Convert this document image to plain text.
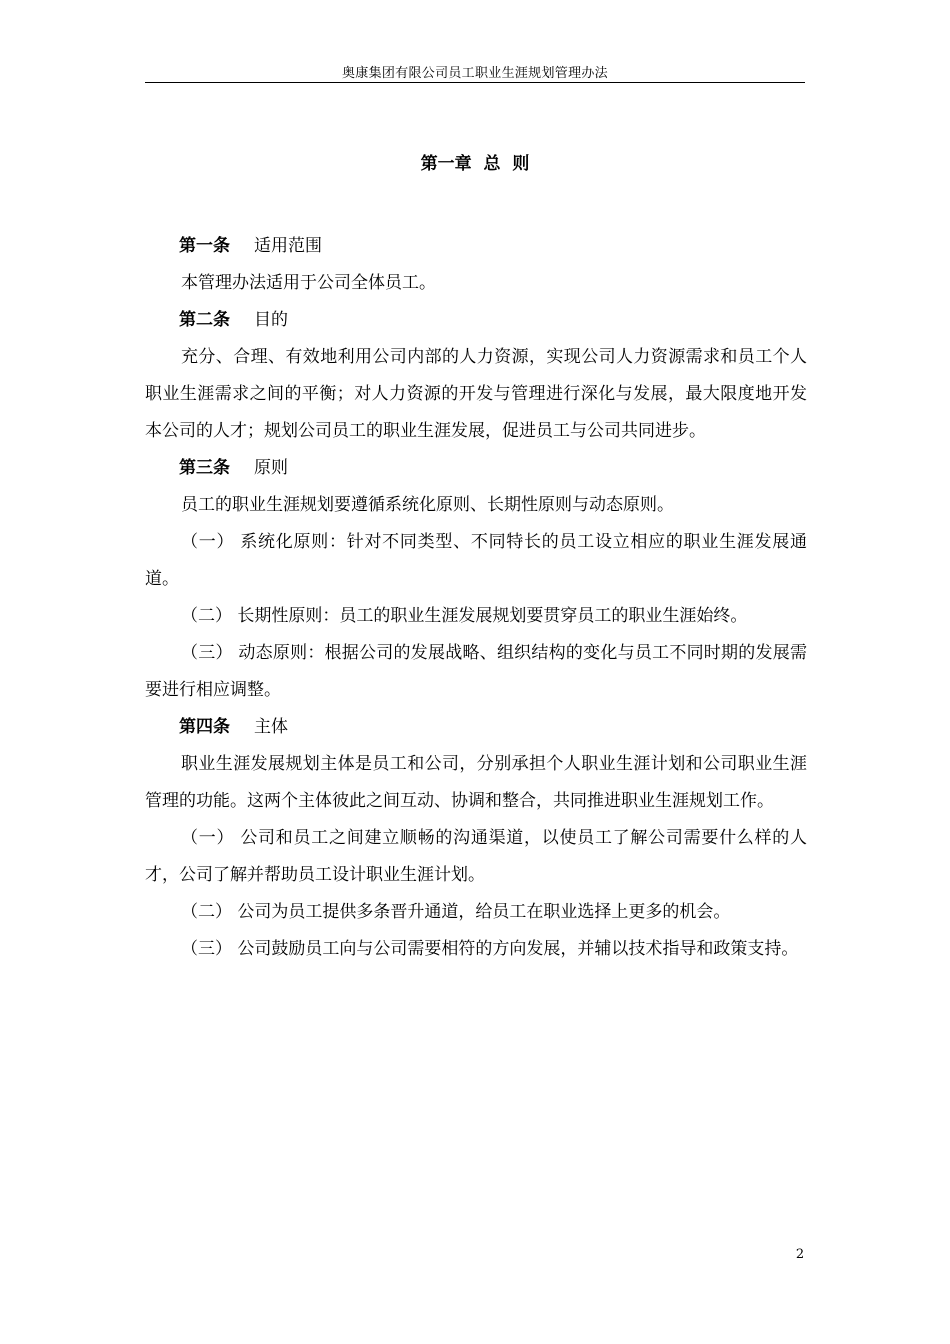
奥康集团有限公司员工职业生涯规划管理办法
第一章  总  则

第一条 适用范围

本管理办法适用于公司全体员工。

第二条 目的

充分、合理、有效地利用公司内部的人力资源，实现公司人力资源需求和员工个人职业生涯需求之间的平衡；对人力资源的开发与管理进行深化与发展，最大限度地开发本公司的人才；规划公司员工的职业生涯发展，促进员工与公司共同进步。

第三条 原则

员工的职业生涯规划要遵循系统化原则、长期性原则与动态原则。

（一） 系统化原则：针对不同类型、不同特长的员工设立相应的职业生涯发展通道。

（二） 长期性原则：员工的职业生涯发展规划要贯穿员工的职业生涯始终。

（三） 动态原则：根据公司的发展战略、组织结构的变化与员工不同时期的发展需要进行相应调整。

第四条 主体

职业生涯发展规划主体是员工和公司，分别承担个人职业生涯计划和公司职业生涯管理的功能。这两个主体彼此之间互动、协调和整合，共同推进职业生涯规划工作。

（一） 公司和员工之间建立顺畅的沟通渠道，以使员工了解公司需要什么样的人才，公司了解并帮助员工设计职业生涯计划。

（二） 公司为员工提供多条晋升通道，给员工在职业选择上更多的机会。

（三） 公司鼓励员工向与公司需要相符的方向发展，并辅以技术指导和政策支持。

2
